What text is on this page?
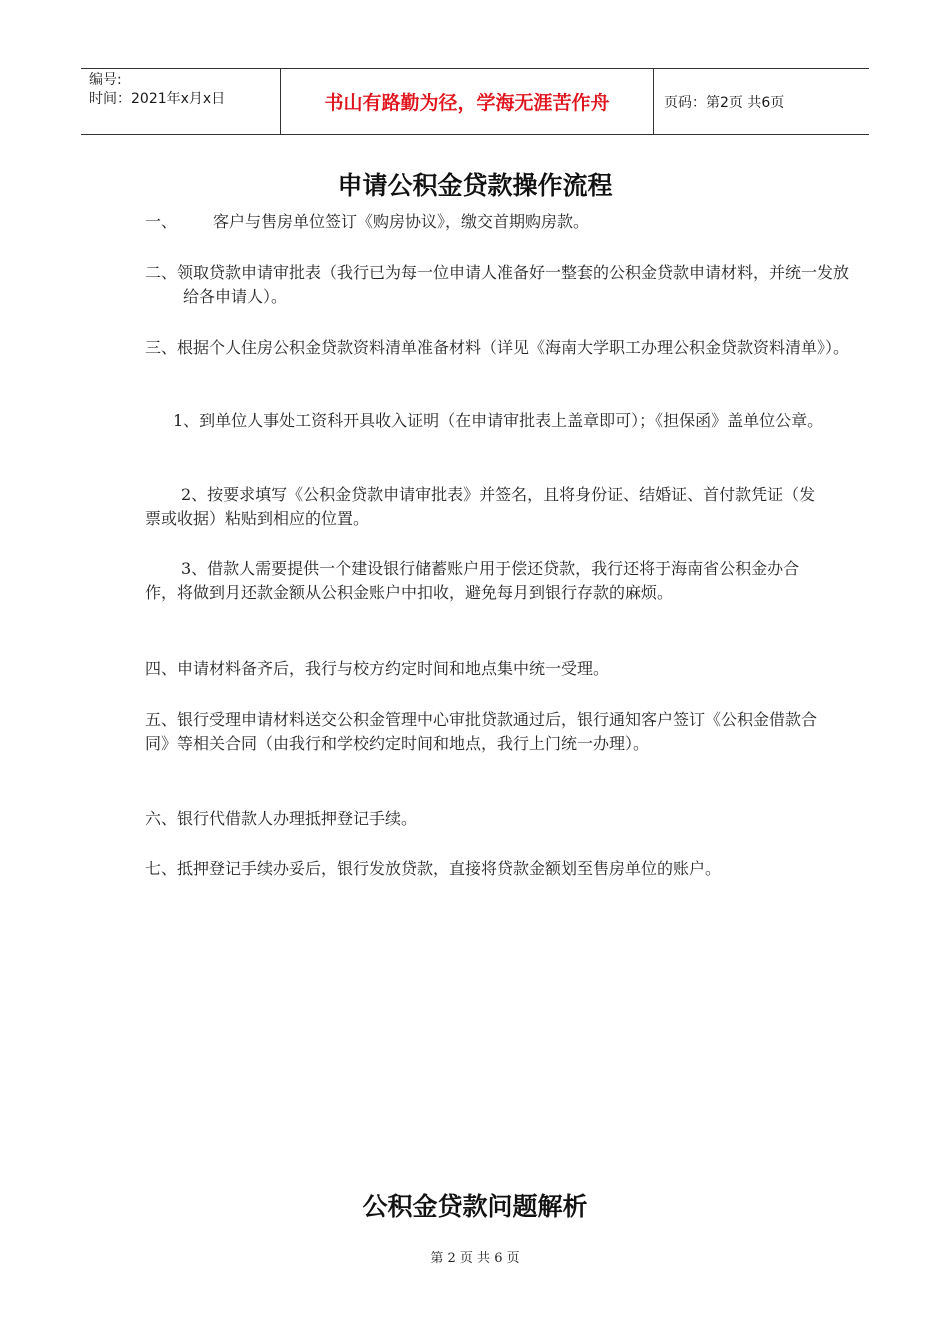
编号:
时间：2021年x月x日	书山有路勤为径，学海无涯苦作舟	页码：第2页 共6页
申请公积金贷款操作流程
一、 客户与售房单位签订《购房协议》，缴交首期购房款。
二、领取贷款申请审批表（我行已为每一位申请人准备好一整套的公积金贷款申请材料，并统一发放给各申请人）。
三、根据个人住房公积金贷款资料清单准备材料（详见《海南大学职工办理公积金贷款资料清单》）。
1、到单位人事处工资科开具收入证明（在申请审批表上盖章即可）；《担保函》盖单位公章。
2、按要求填写《公积金贷款申请审批表》并签名，且将身份证、结婚证、首付款凭证（发票或收据）粘贴到相应的位置。
3、借款人需要提供一个建设银行储蓄账户用于偿还贷款，我行还将于海南省公积金办合作，将做到月还款金额从公积金账户中扣收，避免每月到银行存款的麻烦。
四、申请材料备齐后，我行与校方约定时间和地点集中统一受理。
五、银行受理申请材料送交公积金管理中心审批贷款通过后，银行通知客户签订《公积金借款合同》等相关合同（由我行和学校约定时间和地点，我行上门统一办理）。
六、银行代借款人办理抵押登记手续。
七、抵押登记手续办妥后，银行发放贷款，直接将贷款金额划至售房单位的账户。
公积金贷款问题解析
第 2 页 共 6 页
